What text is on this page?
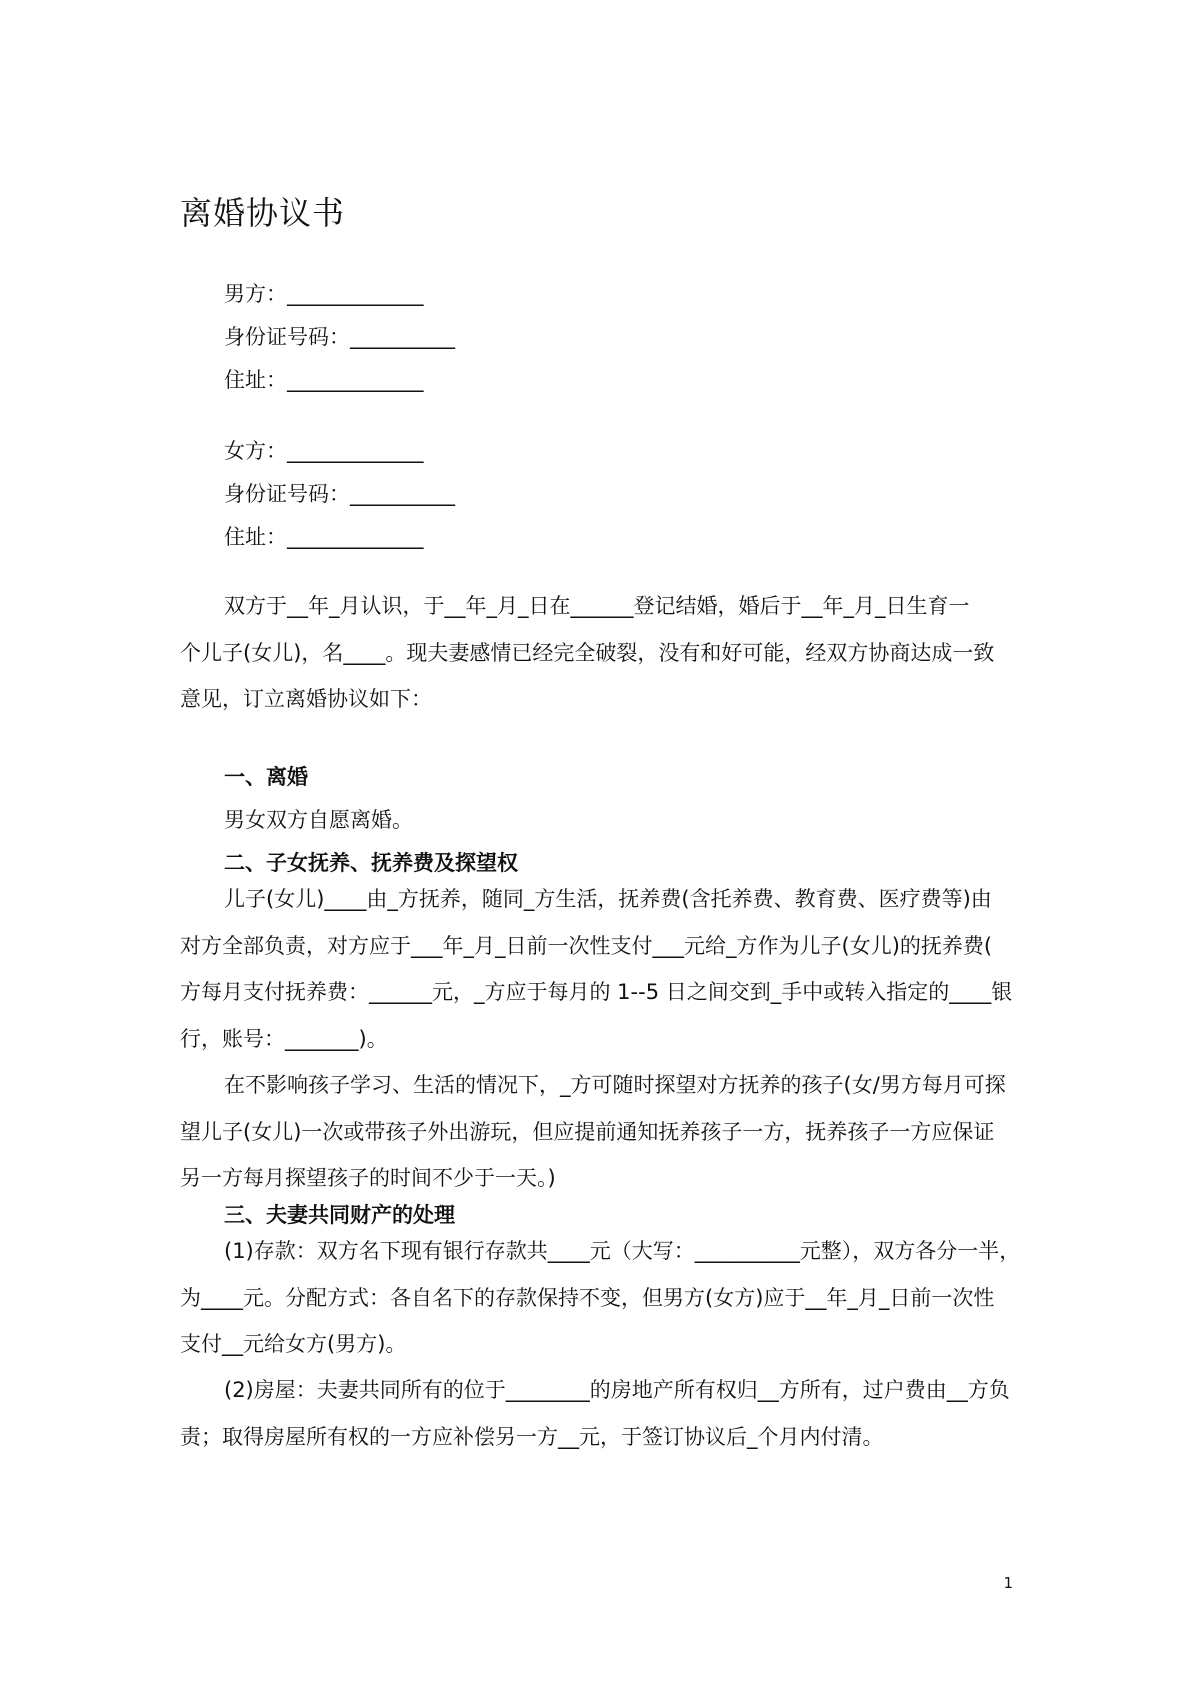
离婚协议书
男方：_____________
身份证号码：__________
住址：_____________
女方：_____________
身份证号码：__________
住址：_____________
双方于__年_月认识，于__年_月_日在______登记结婚，婚后于__年_月_日生育一
个儿子(女儿)，名____。现夫妻感情已经完全破裂，没有和好可能，经双方协商达成一致
意见，订立离婚协议如下：
一、离婚
男女双方自愿离婚。
二、子女抚养、抚养费及探望权
儿子(女儿)____由_方抚养，随同_方生活，抚养费(含托养费、教育费、医疗费等)由
对方全部负责，对方应于___年_月_日前一次性支付___元给_方作为儿子(女儿)的抚养费(
方每月支付抚养费：______元，_方应于每月的 1--5 日之间交到_手中或转入指定的____银
行，账号：_______)。
在不影响孩子学习、生活的情况下，_方可随时探望对方抚养的孩子(女/男方每月可探
望儿子(女儿)一次或带孩子外出游玩，但应提前通知抚养孩子一方，抚养孩子一方应保证
另一方每月探望孩子的时间不少于一天。)
三、夫妻共同财产的处理
(1)存款：双方名下现有银行存款共____元（大写：__________元整），双方各分一半，
为____元。分配方式：各自名下的存款保持不变，但男方(女方)应于__年_月_日前一次性
支付__元给女方(男方)。
(2)房屋：夫妻共同所有的位于________的房地产所有权归__方所有，过户费由__方负
责；取得房屋所有权的一方应补偿另一方__元，于签订协议后_个月内付清。
1
